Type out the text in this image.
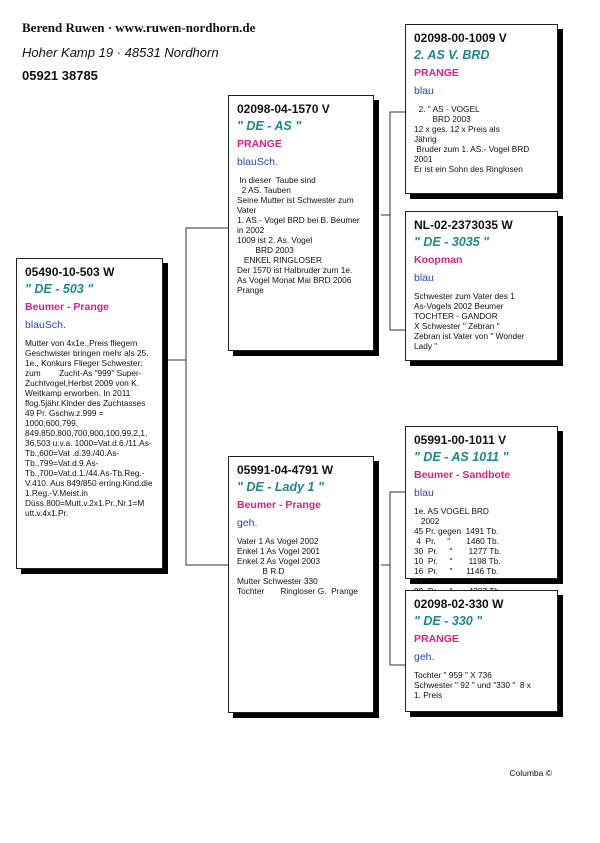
Berend Ruwen · www.ruwen-nordhorn.de
Hoher Kamp 19 · 48531 Nordhorn
05921 38785
05490-10-503 W
" DE - 503 "
Beumer - Prange
blauSch.
Mutter von 4x1e.,Preis fliegern Geschwister bringen mehr als 25.  1e., Konkurs Flieger Schwester: zum        Zucht-As "999" Super-Zuchtvogel,Herbst 2009 von K. Weitkamp erworben. In 2011 flog.5jähr.Kinder des Zuchtasses 49 Pr. Gschw.z.999 = 1000,600,799, 849,850,800,700,900,100,99,2,1, 36,503 u.v.a. 1000=Vat.d.6./11.As-Tb.,600=Vat .d.39./40.As-Tb.,799=Vat.d.9.As-Tb.,700=Vat.d.1./44.As-Tb.Reg.-V.410. Aus 849/850 erring.Kind.die 1.Reg.-V.Meist.in Düss.800=Mutt.v.2x1.Pr.,Nr.1=M utt.v.4x1.Pr.
02098-04-1570 V
" DE - AS "
PRANGE
blauSch.
In dieser  Taube sind
2 AS. Tauben
Seine Mutter ist Schwester zum
Vater
1. AS.- Vogel BRD bei B. Beumer
in 2002
1009 ist 2. As. Vogel
BRD 2003
ENKEL RINGLOSER
Der 1570 ist Halbruder zum 1e.
As Vogel Monat Mai BRD 2006
Prange
05991-04-4791 W
" DE - Lady 1 "
Beumer - Prange
geh.
Vater 1 As Vogel 2002
Enkel 1 As Vogel 2001
Enkel 2 As Vogel 2003
B R D
Mutter Schwester 330
Tochter       Ringloser G.  Prange
02098-00-1009 V
2. AS V. BRD
PRANGE
blau
2. " AS - VOGEL
BRD 2003
12 x ges. 12 x Preis als
Jährig
Bruder zum 1. AS.- Vogel BRD
2001
Er ist ein Sohn des Ringlosen
NL-02-2373035 W
" DE - 3035 "
Koopman
blau
Schwester zum Vater des 1
As-Vogels 2002 Beumer
TOCHTER - GANDOR
X Schwester " Zebran "
Zebran ist Vater von " Wonder
Lady "
05991-00-1011 V
" DE - AS 1011 "
Beumer - Sandbote
blau
1e. AS VOGEL BRD
2002
45 Pr. gegen  1491 Tb.
4  Pr.     "       1460 Tb.
30  Pr.     "       1277 Tb.
10  Pr.     "       1198 Tb.
16  Pr.     "      1146 Tb.
14  Pr.     "       3596 Tb.

02098-02-330 W
" DE - 330 "
PRANGE
geh.
Tochter " 959 " X 736
Schwester " 92 " und "330 "  8 x
1. Preis
Columba ©
